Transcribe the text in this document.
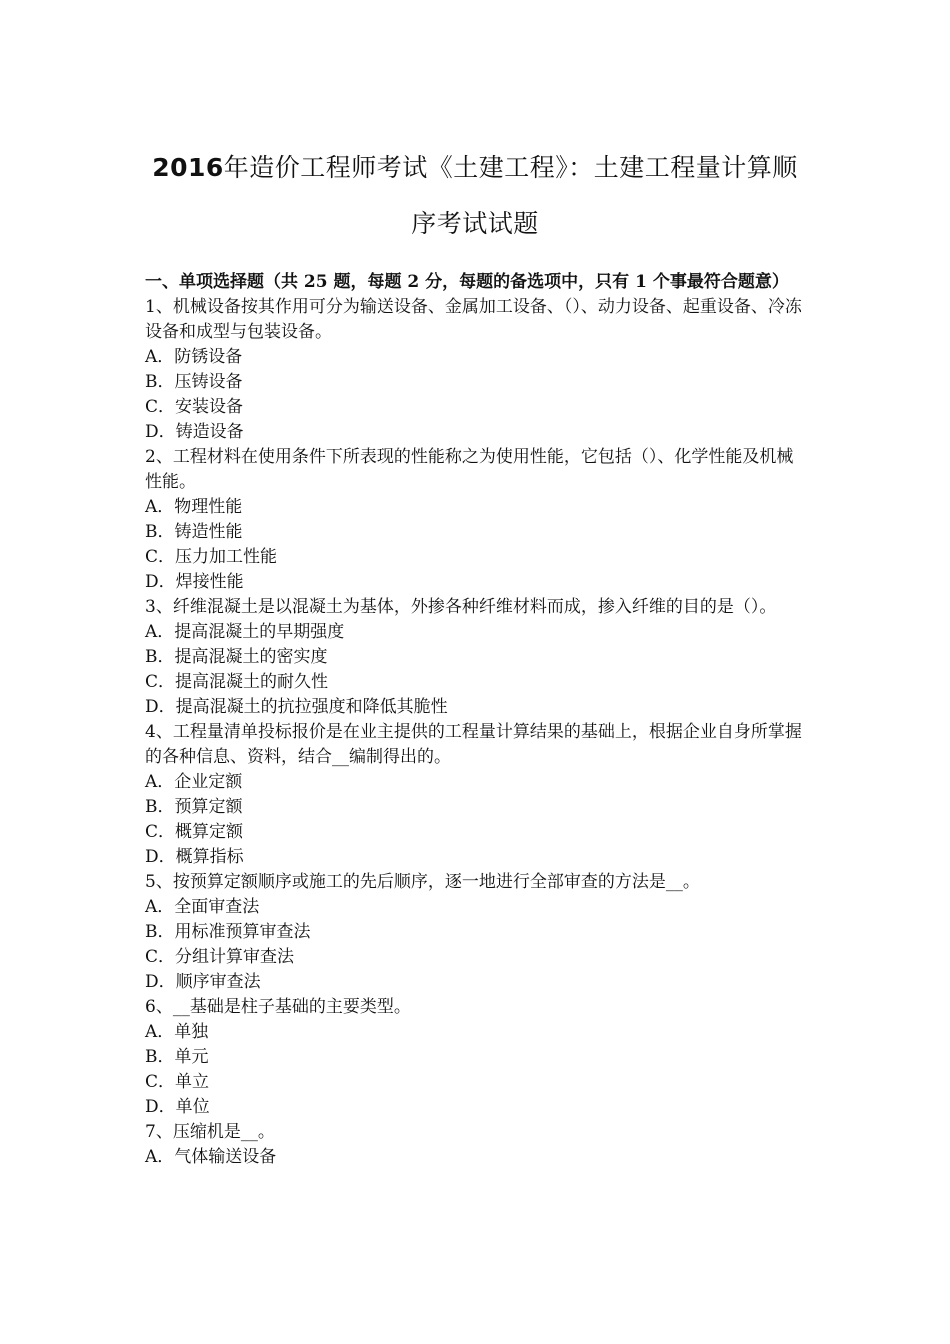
2016年造价工程师考试《土建工程》：土建工程量计算顺
序考试试题

一、单项选择题（共 25 题，每题 2 分，每题的备选项中，只有 1 个事最符合题意）

1、机械设备按其作用可分为输送设备、金属加工设备、（）、动力设备、起重设备、冷冻设备和成型与包装设备。

A．防锈设备

B．压铸设备

C．安装设备

D．铸造设备

2、工程材料在使用条件下所表现的性能称之为使用性能，它包括（）、化学性能及机械性能。

A．物理性能

B．铸造性能

C．压力加工性能

D．焊接性能

3、纤维混凝土是以混凝土为基体，外掺各种纤维材料而成，掺入纤维的目的是（）。

A．提高混凝土的早期强度

B．提高混凝土的密实度

C．提高混凝土的耐久性

D．提高混凝土的抗拉强度和降低其脆性

4、工程量清单投标报价是在业主提供的工程量计算结果的基础上，根据企业自身所掌握的各种信息、资料，结合__编制得出的。

A．企业定额

B．预算定额

C．概算定额

D．概算指标

5、按预算定额顺序或施工的先后顺序，逐一地进行全部审查的方法是__。

A．全面审查法

B．用标准预算审查法

C．分组计算审查法

D．顺序审查法

6、__基础是柱子基础的主要类型。

A．单独

B．单元

C．单立

D．单位

7、压缩机是__。

A．气体输送设备
